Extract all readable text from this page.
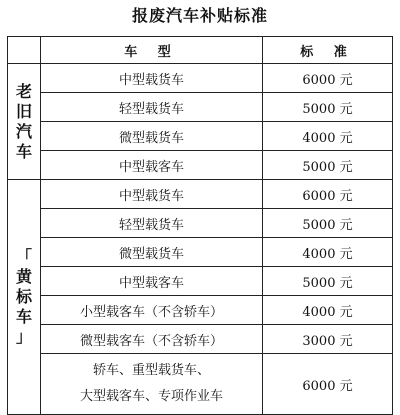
报废汽车补贴标准
	车 型	标 准

老
旧
汽
车	中型载货车	6000 元
	轻型载货车	5000 元
	微型载货车	4000 元
	中型载客车	5000 元

「
黄
标
车
」	中型载货车	6000 元
	轻型载货车	5000 元
	微型载货车	4000 元
	中型载客车	5000 元
	小型载客车（不含轿车）	4000 元
	微型载客车（不含轿车）	3000 元

	轿车、重型载货车、
大型载客车、专项作业车	6000 元
